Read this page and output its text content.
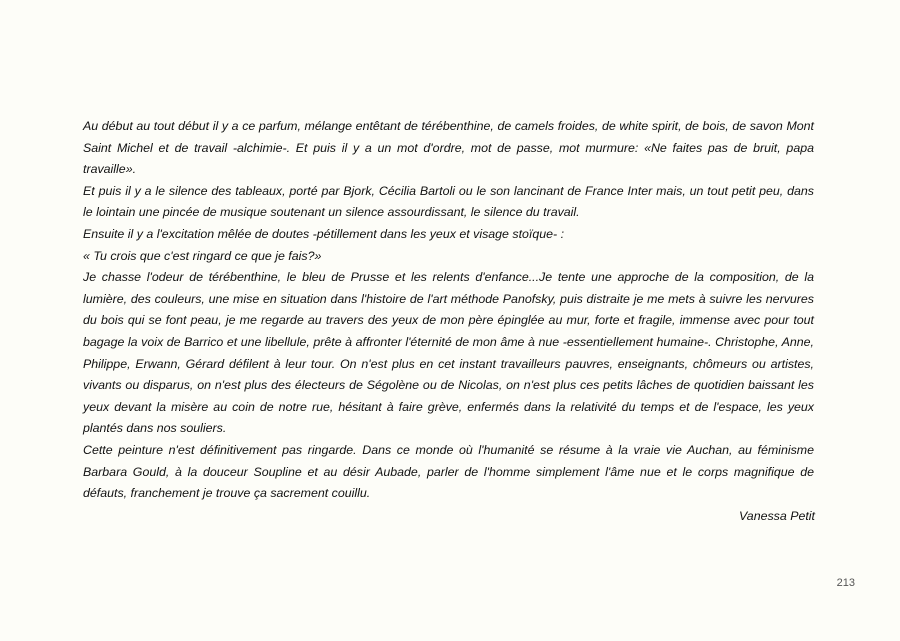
Au début au tout début il y a ce parfum, mélange entêtant de térébenthine, de camels froides, de white spirit, de bois, de savon Mont Saint Michel et de travail -alchimie-. Et puis il y a un mot d'ordre, mot de passe, mot murmure: «Ne faites pas de bruit, papa travaille».

Et puis il y a le silence des tableaux, porté par Bjork, Cécilia Bartoli ou le son lancinant de France Inter mais, un tout petit peu, dans le lointain une pincée de musique soutenant un silence assourdissant, le silence du travail.

Ensuite il y a l'excitation mêlée de doutes -pétillement dans les yeux et visage stoïque- :

« Tu crois que c'est ringard ce que je fais?»

Je chasse l'odeur de térébenthine, le bleu de Prusse et les relents d'enfance...Je tente une approche de la composition, de la lumière, des couleurs, une mise en situation dans l'histoire de l'art méthode Panofsky, puis distraite je me mets à suivre les nervures du bois qui se font peau, je me regarde au travers des yeux de mon père épinglée au mur, forte et fragile, immense avec pour tout bagage la voix de Barrico et une libellule, prête à affronter l'éternité de mon âme à nue -essentiellement humaine-. Christophe, Anne, Philippe, Erwann, Gérard défilent à leur tour. On n'est plus en cet instant travailleurs pauvres, enseignants, chômeurs ou artistes, vivants ou disparus, on n'est plus des électeurs de Ségolène ou de Nicolas, on n'est plus ces petits lâches de quotidien baissant les yeux devant la misère au coin de notre rue, hésitant à faire grève, enfermés dans la relativité du temps et de l'espace, les yeux plantés dans nos souliers.

Cette peinture n'est définitivement pas ringarde. Dans ce monde où l'humanité se résume à la vraie vie Auchan, au féminisme Barbara Gould, à la douceur Soupline et au désir Aubade, parler de l'homme simplement l'âme nue et le corps magnifique de défauts, franchement je trouve ça sacrement couillu.

Vanessa Petit
213
